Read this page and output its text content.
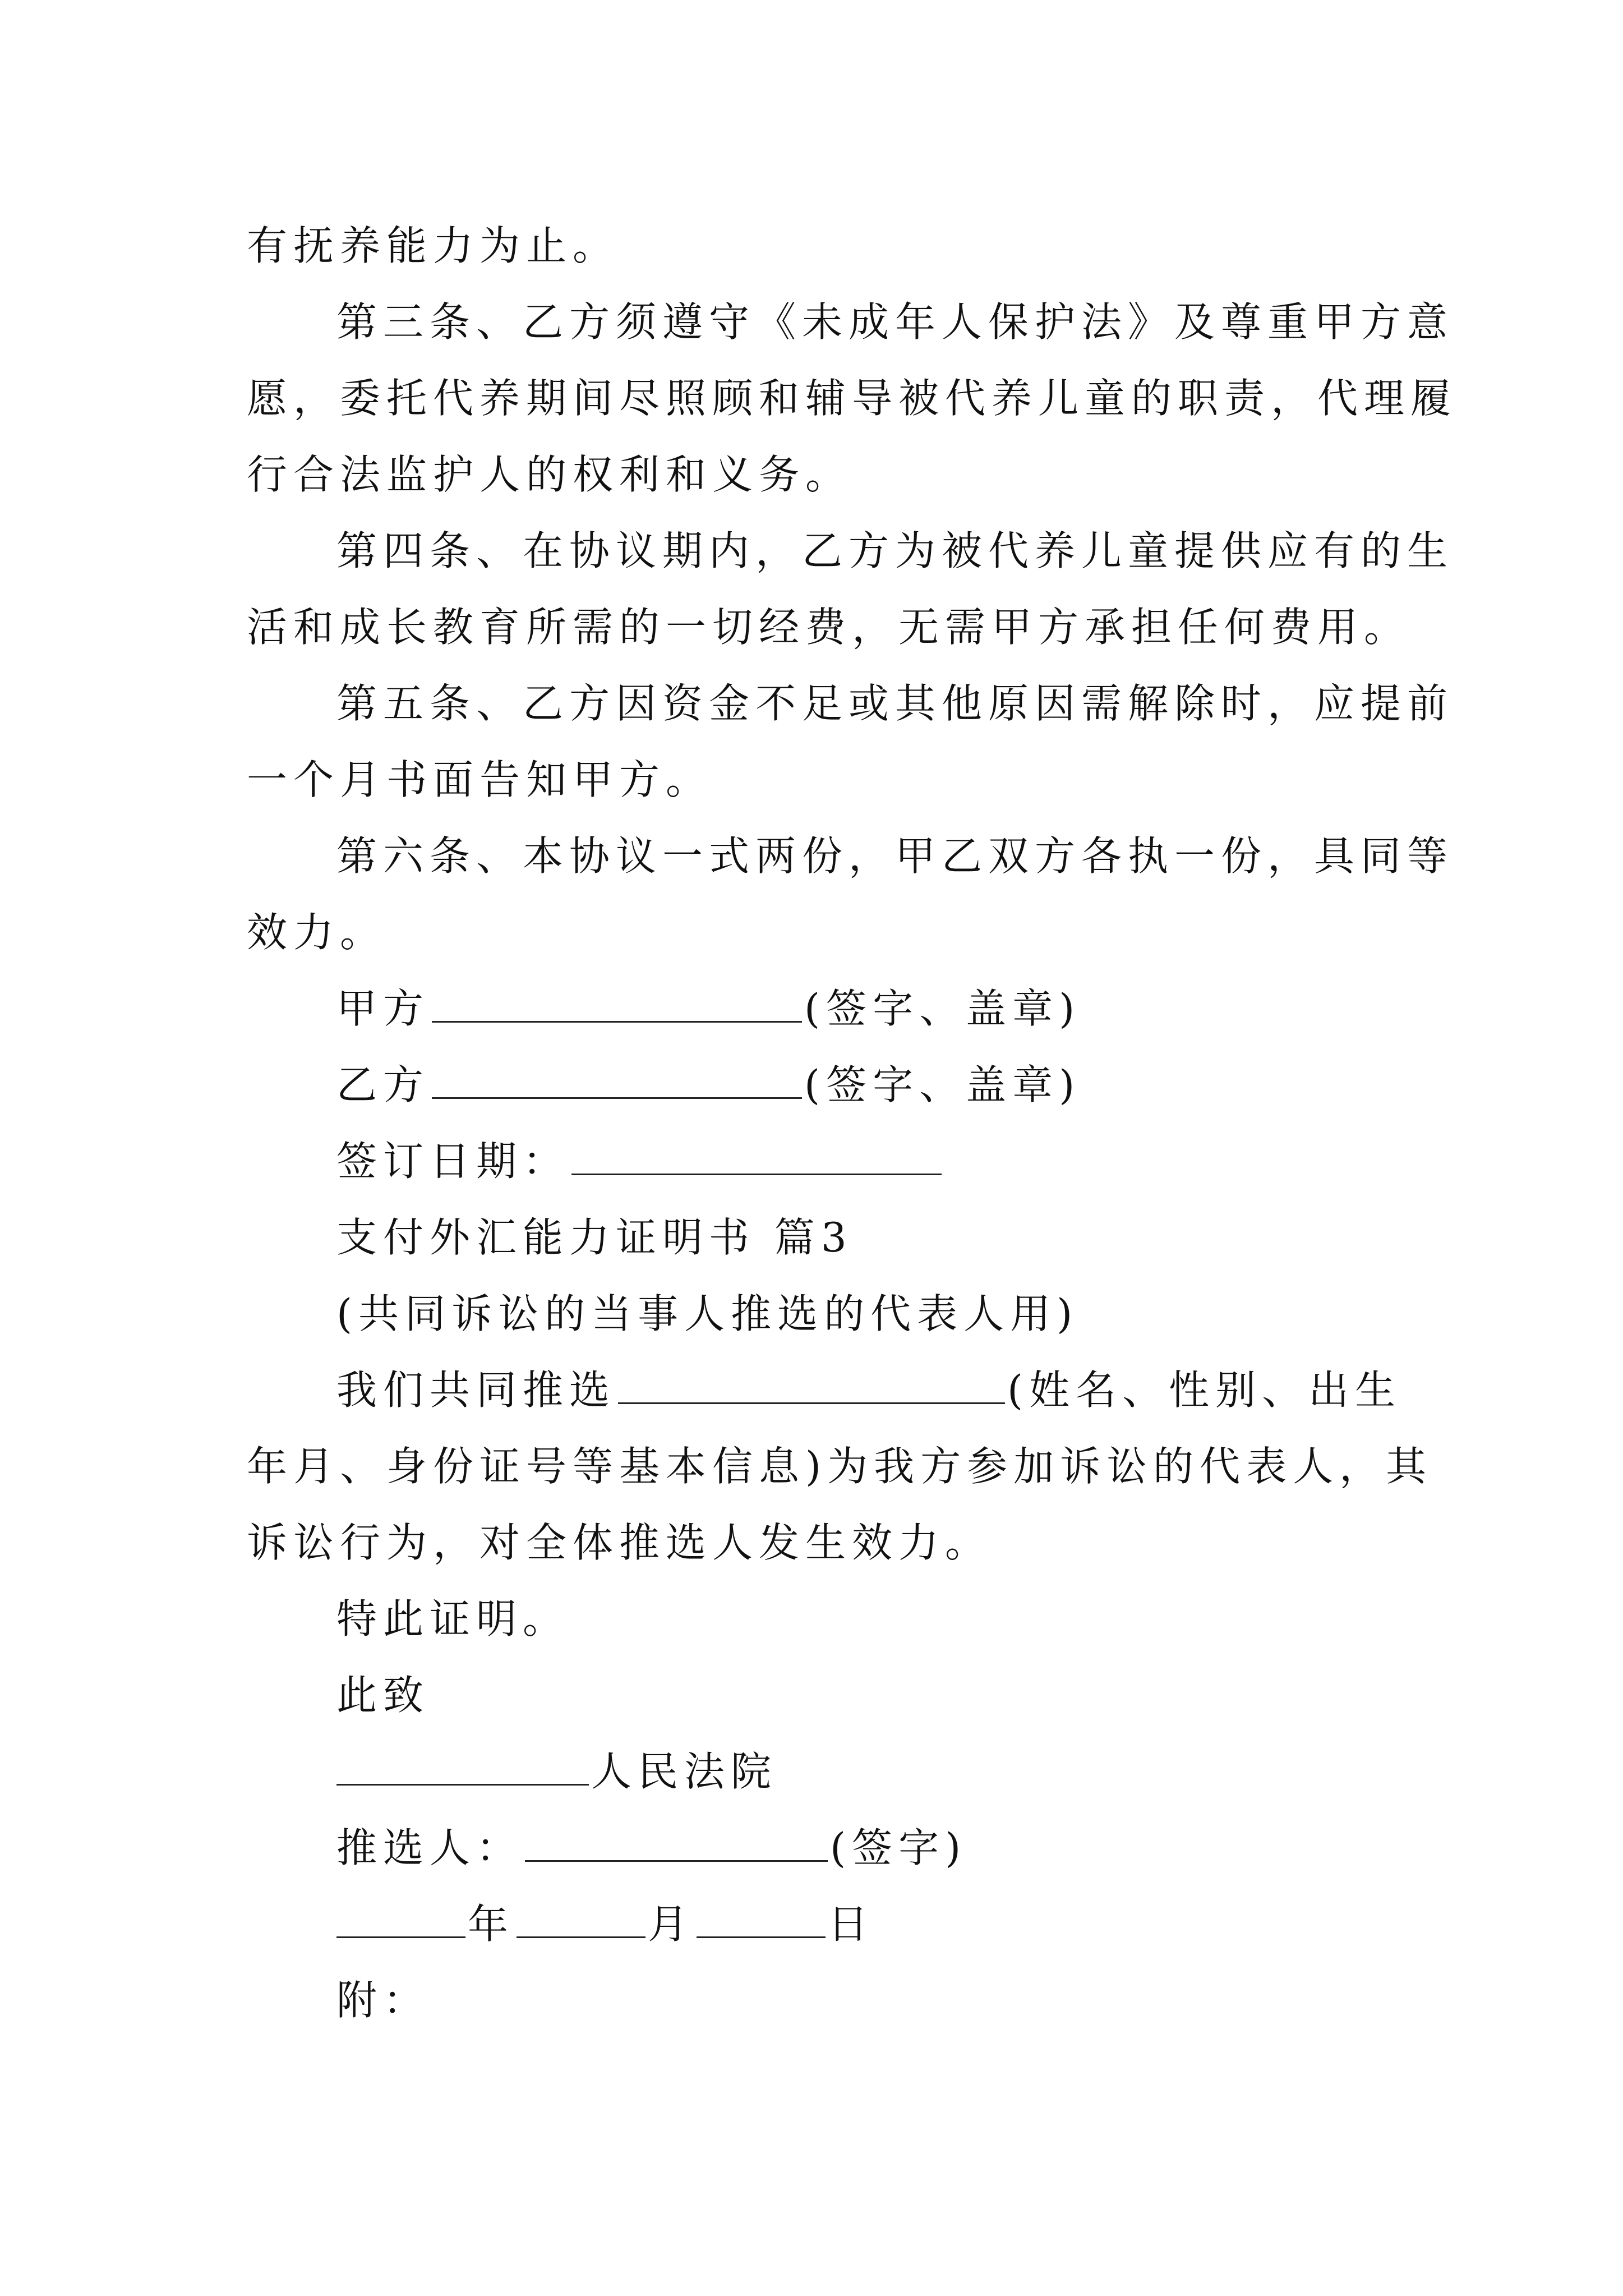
有抚养能力为止。

第三条、乙方须遵守《未成年人保护法》及尊重甲方意

愿，委托代养期间尽照顾和辅导被代养儿童的职责，代理履

行合法监护人的权利和义务。

第四条、在协议期内，乙方为被代养儿童提供应有的生

活和成长教育所需的一切经费，无需甲方承担任何费用。

第五条、乙方因资金不足或其他原因需解除时，应提前

一个月书面告知甲方。

第六条、本协议一式两份，甲乙双方各执一份，具同等

效力。

甲方	(签字、盖章)

乙方	(签字、盖章)

签订日期：

支付外汇能力证明书 篇3

(共同诉讼的当事人推选的代表人用)

我们共同推选	(姓名、性别、出生

年月、身份证号等基本信息)为我方参加诉讼的代表人，其

诉讼行为，对全体推选人发生效力。

特此证明。

此致

人民法院

推选人：	(签字)

年	月	日

附：
